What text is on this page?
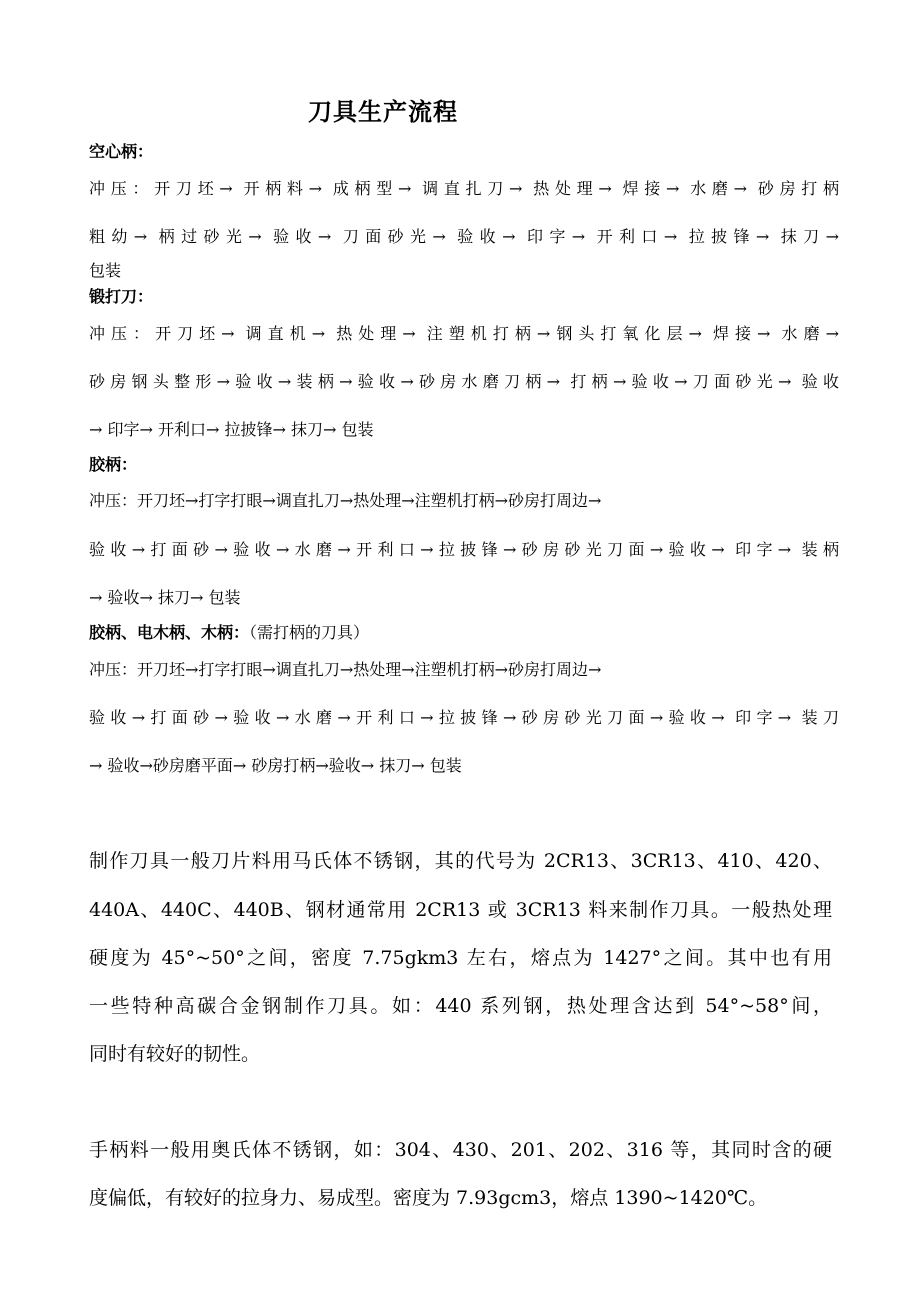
刀具生产流程
空心柄：
冲压：开刀坯→ 开柄料→ 成柄型→ 调直扎刀→ 热处理→ 焊接→ 水磨→ 砂房打柄
粗幼→ 柄过砂光→ 验收→ 刀面砂光→ 验收→ 印字→ 开利口→ 拉披锋→ 抹刀→
包装
锻打刀：
冲压：开刀坯→ 调直机→ 热处理→ 注塑机打柄→钢头打氧化层→ 焊接→ 水磨→
砂房钢头整形→验收→装柄→验收→砂房水磨刀柄→ 打柄→验收→刀面砂光→ 验收
→ 印字→ 开利口→ 拉披锋→ 抹刀→ 包装
胶柄：
冲压：开刀坯→打字打眼→调直扎刀→热处理→注塑机打柄→砂房打周边→
验收→打面砂→验收→水磨→开利口→拉披锋→砂房砂光刀面→验收→ 印字→ 装柄
→ 验收→ 抹刀→ 包装
胶柄、电木柄、木柄：（需打柄的刀具）
冲压：开刀坯→打字打眼→调直扎刀→热处理→注塑机打柄→砂房打周边→
验收→打面砂→验收→水磨→开利口→拉披锋→砂房砂光刀面→验收→ 印字→ 装刀
→ 验收→砂房磨平面→ 砂房打柄→验收→ 抹刀→ 包装
制作刀具一般刀片料用马氏体不锈钢，其的代号为 2CR13、3CR13、410、420、
440A、440C、440B、钢材通常用 2CR13 或 3CR13 料来制作刀具。一般热处理
硬度为 45°~50°之间，密度 7.75gkm3 左右，熔点为 1427°之间。其中也有用
一些特种高碳合金钢制作刀具。如：440 系列钢，热处理含达到 54°~58°间，
同时有较好的韧性。
手柄料一般用奥氏体不锈钢，如：304、430、201、202、316 等，其同时含的硬
度偏低，有较好的拉身力、易成型。密度为 7.93gcm3，熔点 1390~1420℃。
